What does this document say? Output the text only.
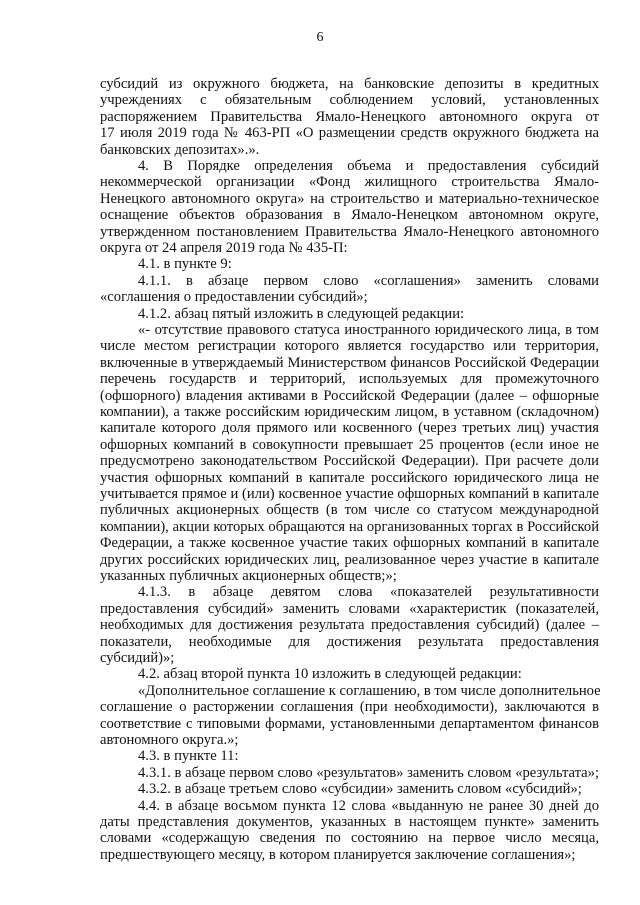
6
субсидий из окружного бюджета, на банковские депозиты в кредитных
учреждениях с обязательным соблюдением условий, установленных
распоряжением Правительства Ямало-Ненецкого автономного округа от
17 июля 2019 года № 463-РП «О размещении средств окружного бюджета на
банковских депозитах».».
4. В Порядке определения объема и предоставления субсидий
некоммерческой организации «Фонд жилищного строительства Ямало-
Ненецкого автономного округа» на строительство и материально-техническое
оснащение объектов образования в Ямало-Ненецком автономном округе,
утвержденном постановлением Правительства Ямало-Ненецкого автономного
округа от 24 апреля 2019 года № 435-П:
4.1. в пункте 9:
4.1.1. в абзаце первом слово «соглашения» заменить словами
«соглашения о предоставлении субсидий»;
4.1.2. абзац пятый изложить в следующей редакции:
«- отсутствие правового статуса иностранного юридического лица, в том
числе местом регистрации которого является государство или территория,
включенные в утверждаемый Министерством финансов Российской Федерации
перечень государств и территорий, используемых для промежуточного
(офшорного) владения активами в Российской Федерации (далее – офшорные
компании), а также российским юридическим лицом, в уставном (складочном)
капитале которого доля прямого или косвенного (через третьих лиц) участия
офшорных компаний в совокупности превышает 25 процентов (если иное не
предусмотрено законодательством Российской Федерации). При расчете доли
участия офшорных компаний в капитале российского юридического лица не
учитывается прямое и (или) косвенное участие офшорных компаний в капитале
публичных акционерных обществ (в том числе со статусом международной
компании), акции которых обращаются на организованных торгах в Российской
Федерации, а также косвенное участие таких офшорных компаний в капитале
других российских юридических лиц, реализованное через участие в капитале
указанных публичных акционерных обществ;»;
4.1.3. в абзаце девятом слова «показателей результативности
предоставления субсидий» заменить словами «характеристик (показателей,
необходимых для достижения результата предоставления субсидий) (далее –
показатели, необходимые для достижения результата предоставления
субсидий)»;
4.2. абзац второй пункта 10 изложить в следующей редакции:
«Дополнительное соглашение к соглашению, в том числе дополнительное
соглашение о расторжении соглашения (при необходимости), заключаются в
соответствие с типовыми формами, установленными департаментом финансов
автономного округа.»;
4.3. в пункте 11:
4.3.1. в абзаце первом слово «результатов» заменить словом «результата»;
4.3.2. в абзаце третьем слово «субсидии» заменить словом «субсидий»;
4.4. в абзаце восьмом пункта 12 слова «выданную не ранее 30 дней до
даты представления документов, указанных в настоящем пункте» заменить
словами «содержащую сведения по состоянию на первое число месяца,
предшествующего месяцу, в котором планируется заключение соглашения»;
